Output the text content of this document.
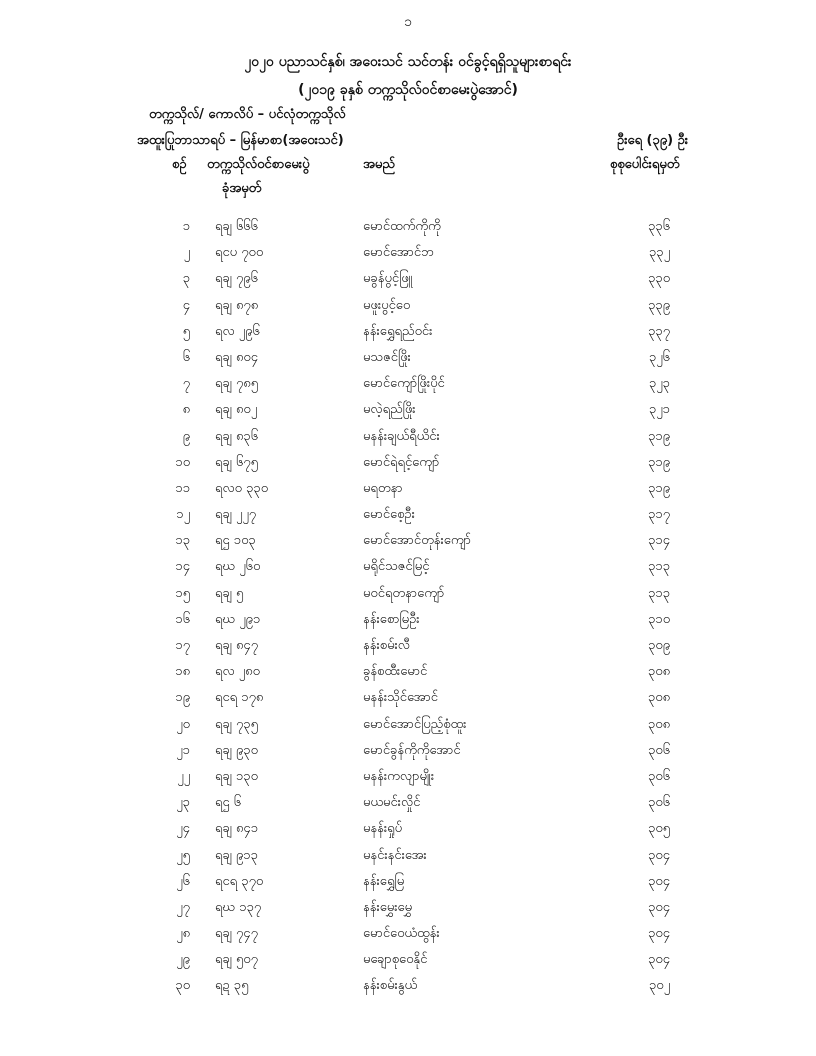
၁
၂၀၂၀ ပညာသင်နှစ်၊ အဝေးသင် သင်တန်း ဝင်ခွင့်ရရှိသူများစာရင်း
(၂၀၁၉ ခုနှစ် တက္ကသိုလ်ဝင်စာမေးပွဲအောင်)
တက္ကသိုလ်/ ကောလိပ် – ပင်လုံတက္ကသိုလ်
အထူးပြုဘာသာရပ် – မြန်မာစာ(အဝေးသင်)	ဦးရေ (၃၉) ဦး
စဉ် တက္ကသိုလ်ဝင်စာမေးပွဲ
ခုံအမှတ်
အမည်	စုစုပေါင်းရမှတ်
၁ ရချ ၆၆၆	မောင်ထက်ကိုကို	၃၃၆
၂ ရငပ ၇၀၀	မောင်အောင်ဘ	၃၃၂
၃ ရချ ၇၉၆	မခွန်ပွင့်ဖြူ	၃၃၀
၄ ရချ ၈၇၈	မဖူးပွင့်ဝေ	၃၃၉
၅ ရလ ၂၉၆	နန်းရွှေရည်ဝင်း	၃၃၇
၆ ရချ ၈၀၄	မသဇင်ဖြိုး	၃၂၆
၇ ရချ ၇၈၅	မောင်ကျော်ဖြိုးပိုင်	၃၂၃
၈ ရချ ၈၀၂	မလဲ့ရည်ဖြိုး	၃၂၁
၉ ရချ ၈၃၆	မနန်းချယ်ရီယိင်း	၃၁၉
၁၀ ရချ ၆၇၅	မောင်ရဲရင့်ကျော်	၃၁၉
၁၁ ရလဝ ၃၃၀	မရတနာ	၃၁၉
၁၂ ရချ ၂၂၇	မောင်စေ့ဦး	၃၁၇
၁၃ ရဌ ၁၀၃	မောင်အောင်တုန်းကျော်	၃၁၄
၁၄ ရဃ ၂၆၀	မရိုင်သဇင်မြင့်	၃၁၃
၁၅ ရချ ၅	မဝင်ရတနာကျော်	၃၁၃
၁၆ ရဃ ၂၉၁	နန်းစောမြဦး	၃၁၀
၁၇ ရချ ၈၄၇	နန်းစမ်းလီ	၃၀၉
၁၈ ရလ ၂၈၀	ခွန်စထီးမောင်	၃၀၈
၁၉ ရငရ ၁၇၈	မနန်းသိုင်အောင်	၃၀၈
၂၀ ရချ ၇၃၅	မောင်အောင်ပြည့်စုံထူး	၃၀၈
၂၁ ရချ ၉၃၀	မောင်ခွန်ကိုကိုအောင်	၃၀၆
၂၂ ရချ ၁၃၀	မနန်းကလျာမျိုး	၃၀၆
၂၃ ရဌ ၆	မယမင်းလှိုင်	၃၀၆
၂၄ ရချ ၈၄၁	မနန်းရှုပ်	၃၀၅
၂၅ ရချ ၉၁၃	မနင်းနင်းအေး	၃၀၄
၂၆ ရငရ ၃၇၀	နန်းရွှေမြ	၃၀၄
၂၇ ရဃ ၁၃၇	နန်းမွှေးမွှေ	၃၀၄
၂၈ ရချ ၇၄၇	မောင်ဝေယံထွန်း	၃၀၄
၂၉ ရချ ၅၀၇	မချောစုဝေနိုင်	၃၀၄
၃၀ ရဍ ၃၅	နန်းစမ်းနွယ်	၃၀၂
